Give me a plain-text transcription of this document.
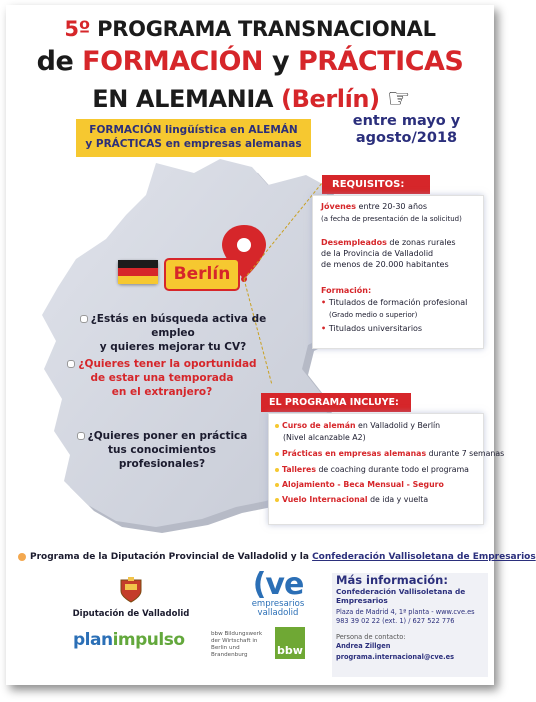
5º PROGRAMA TRANSNACIONAL
de FORMACIÓN y PRÁCTICAS
EN ALEMANIA (Berlín) ☞
FORMACIÓN lingüística en ALEMÁN
y PRÁCTICAS en empresas alemanas
entre mayo y
agosto/2018
REQUISITOS:
Jóvenes entre 20-30 años
(a fecha de presentación de la solicitud)
Desempleados de zonas rurales
de la Provincia de Valladolid
de menos de 20.000 habitantes
Formación:
• Titulados de formación profesional
(Grado medio o superior)
• Titulados universitarios
Berlín
¿Estás en búsqueda activa de empleo
y quieres mejorar tu CV?
¿Quieres tener la oportunidad
de estar una temporada
en el extranjero?
¿Quieres poner en práctica
tus conocimientos
profesionales?
EL PROGRAMA INCLUYE:
Curso de alemán en Valladolid y Berlín
(Nivel alcanzable A2)
Prácticas en empresas alemanas durante 7 semanas
Talleres de coaching durante todo el programa
Alojamiento - Beca Mensual - Seguro
Vuelo Internacional de ida y vuelta
Programa de la Diputación Provincial de Valladolid y la Confederación Vallisoletana de Empresarios
Diputación de Valladolid
planimpulso
(ve
empresarios
valladolid
bbw Bildungswerk
der Wirtschaft in
Berlin und Brandenburg	bbw
Más información:
Confederación Vallisoletana de
Empresarios
Plaza de Madrid 4, 1ª planta - www.cve.es
983 39 02 22 (ext. 1) / 627 522 776
Persona de contacto:
Andrea Zillgen
programa.internacional@cve.es
